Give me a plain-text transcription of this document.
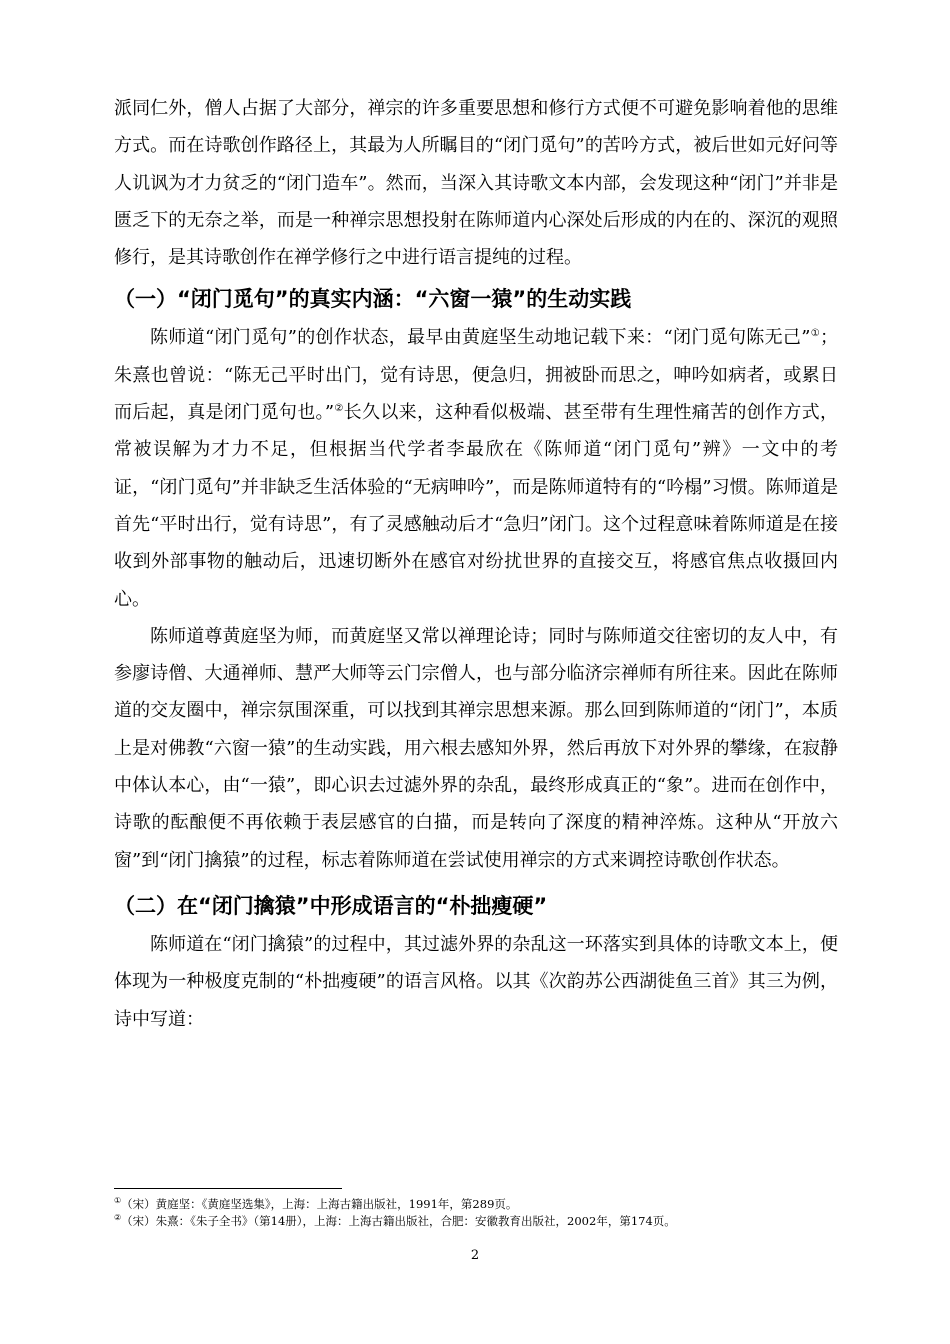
派同仁外，僧人占据了大部分，禅宗的许多重要思想和修行方式便不可避免影响着他的思维方式。而在诗歌创作路径上，其最为人所瞩目的“闭门觅句”的苦吟方式，被后世如元好问等人讥讽为才力贫乏的“闭门造车”。然而，当深入其诗歌文本内部，会发现这种“闭门”并非是匮乏下的无奈之举，而是一种禅宗思想投射在陈师道内心深处后形成的内在的、深沉的观照修行，是其诗歌创作在禅学修行之中进行语言提纯的过程。

（一）“闭门觅句”的真实内涵：“六窗一猿”的生动实践

陈师道“闭门觅句”的创作状态，最早由黄庭坚生动地记载下来：“闭门觅句陈无己”①；朱熹也曾说：“陈无己平时出门，觉有诗思，便急归，拥被卧而思之，呻吟如病者，或累日而后起，真是闭门觅句也。”②长久以来，这种看似极端、甚至带有生理性痛苦的创作方式，常被误解为才力不足，但根据当代学者李最欣在《陈师道“闭门觅句”辨》一文中的考证，“闭门觅句”并非缺乏生活体验的“无病呻吟”，而是陈师道特有的“吟榻”习惯。陈师道是首先“平时出行，觉有诗思”，有了灵感触动后才“急归”闭门。这个过程意味着陈师道是在接收到外部事物的触动后，迅速切断外在感官对纷扰世界的直接交互，将感官焦点收摄回内心。

陈师道尊黄庭坚为师，而黄庭坚又常以禅理论诗；同时与陈师道交往密切的友人中，有参廖诗僧、大通禅师、慧严大师等云门宗僧人，也与部分临济宗禅师有所往来。因此在陈师道的交友圈中，禅宗氛围深重，可以找到其禅宗思想来源。那么回到陈师道的“闭门”，本质上是对佛教“六窗一猿”的生动实践，用六根去感知外界，然后再放下对外界的攀缘，在寂静中体认本心，由“一猿”，即心识去过滤外界的杂乱，最终形成真正的“象”。进而在创作中，诗歌的酝酿便不再依赖于表层感官的白描，而是转向了深度的精神淬炼。这种从“开放六窗”到“闭门擒猿”的过程，标志着陈师道在尝试使用禅宗的方式来调控诗歌创作状态。

（二）在“闭门擒猿”中形成语言的“朴拙瘦硬”

陈师道在“闭门擒猿”的过程中，其过滤外界的杂乱这一环落实到具体的诗歌文本上，便体现为一种极度克制的“朴拙瘦硬”的语言风格。以其《次韵苏公西湖徙鱼三首》其三为例，诗中写道：

①（宋）黄庭坚：《黄庭坚选集》，上海：上海古籍出版社，1991年，第289页。

②（宋）朱熹：《朱子全书》（第14册），上海：上海古籍出版社，合肥：安徽教育出版社，2002年，第174页。

2
